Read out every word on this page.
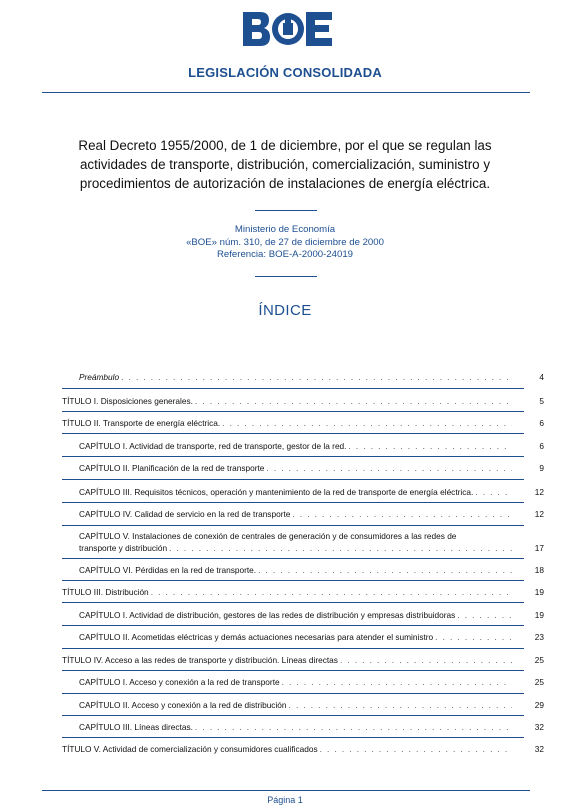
LEGISLACIÓN CONSOLIDADA
Real Decreto 1955/2000, de 1 de diciembre, por el que se regulan las actividades de transporte, distribución, comercialización, suministro y procedimientos de autorización de instalaciones de energía eléctrica.
Ministerio de Economía
«BOE» núm. 310, de 27 de diciembre de 2000
Referencia: BOE-A-2000-24019
ÍNDICE
Preámbulo . . .	4
TÍTULO I. Disposiciones generales. . . .	5
TÍTULO II. Transporte de energía eléctrica. . . .	6
CAPÍTULO I. Actividad de transporte, red de transporte, gestor de la red. . . .	6
CAPÍTULO II. Planificación de la red de transporte . . .	9
CAPÍTULO III. Requisitos técnicos, operación y mantenimiento de la red de transporte de energía eléctrica. . . .	12
CAPÍTULO IV. Calidad de servicio en la red de transporte . . .	12
CAPÍTULO V. Instalaciones de conexión de centrales de generación y de consumidores a las redes de
transporte y distribución . . .	17
CAPÍTULO VI. Pérdidas en la red de transporte. . . .	18
TÍTULO III. Distribución . . .	19
CAPÍTULO I. Actividad de distribución, gestores de las redes de distribución y empresas distribuidoras . . .	19
CAPÍTULO II. Acometidas eléctricas y demás actuaciones necesarias para atender el suministro . . .	23
TÍTULO IV. Acceso a las redes de transporte y distribución. Líneas directas . . .	25
CAPÍTULO I. Acceso y conexión a la red de transporte . . .	25
CAPÍTULO II. Acceso y conexión a la red de distribución . . .	29
CAPÍTULO III. Líneas directas. . . .	32
TÍTULO V. Actividad de comercialización y consumidores cualificados . . .	32
Página 1
